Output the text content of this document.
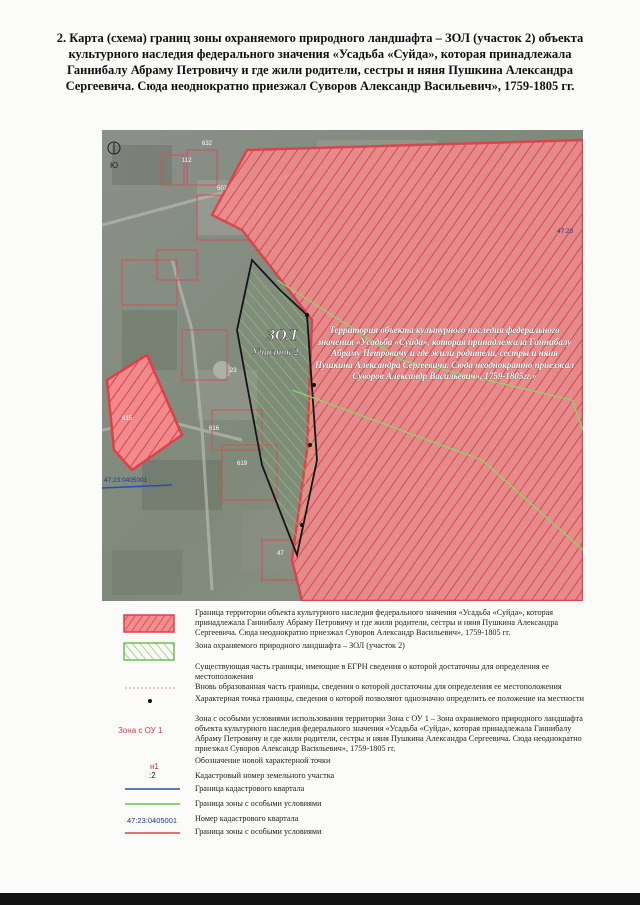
2. Карта (схема) границ зоны охраняемого природного ландшафта – ЗОЛ (участок 2) объекта культурного наследия федерального значения «Усадьба «Суйда», которая принадлежала Ганнибалу Абраму Петровичу и где жили родители, сестры и няня Пушкина Александра Сергеевича. Сюда неоднократно приезжал Суворов Александр Васильевич», 1759-1805 гг.
Ю
632
112
507
615
616
619
23
47
ЗОЛ
Участок 2
Территория объекта культурного наследия федерального значения «Усадьба «Суйда», которая принадлежала Ганнибалу Абраму Петровичу и где жили родители, сестры и няня Пушкина Александра Сергеевича. Сюда неоднократно приезжал Суворов Александр Васильевич», 1759-1805гг.»
47:23
47:23:0405001
Граница территории объекта культурного наследия федерального значения «Усадьба «Суйда», которая принадлежала Ганнибалу Абраму Петровичу и где жили родители, сестры и няня Пушкина Александра Сергеевича. Сюда неоднократно приезжал Суворов Александр Васильевич», 1759-1805 гг.
Зона охраняемого природного ландшафта – ЗОЛ (участок 2)
Существующая часть границы, имеющие в ЕГРН сведения о которой достаточны для определения ее местоположения
Вновь образованная часть границы, сведения о которой достаточны для определения ее местоположения
Характерная точка границы, сведения о которой позволяют однозначно определить ее положение на местности
Зона с ОУ 1
Зона с особыми условиями использования территории Зона с ОУ 1 – Зона охраняемого природного ландшафта объекта культурного наследия федерального значения «Усадьба «Суйда», которая принадлежала Ганнибалу Абраму Петровичу и где жили родители, сестры и няня Пушкина Александра Сергеевича. Сюда неоднократно приезжал Суворов Александр Васильевич», 1759-1805 гг.
н1
Обозначение новой характерной точки
:2	Кадастровый номер земельного участка
Граница кадастрового квартала
Граница зоны с особыми условиями
47:23:0405001 Номер кадастрового квартала
Граница зоны с особыми условиями
